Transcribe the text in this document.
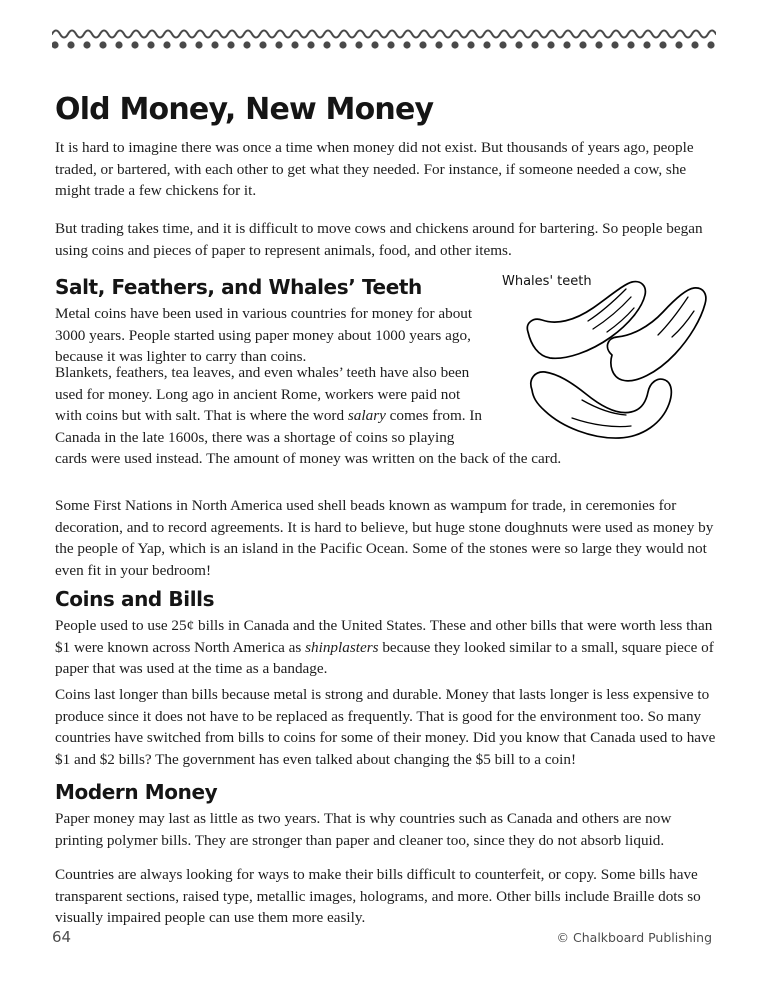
Old Money, New Money

It is hard to imagine there was once a time when money did not exist. But thousands of years ago, people traded, or bartered, with each other to get what they needed. For instance, if someone needed a cow, she might trade a few chickens for it.

But trading takes time, and it is difficult to move cows and chickens around for bartering. So people began using coins and pieces of paper to represent animals, food, and other items.

Salt, Feathers, and Whales’ Teeth

Metal coins have been used in various countries for money for about 3000 years. People started using paper money about 1000 years ago, because it was lighter to carry than coins.

Blankets, feathers, tea leaves, and even whales’ teeth have also been used for money. Long ago in ancient Rome, workers were paid not with coins but with salt. That is where the word salary comes from. In Canada in the late 1600s, there was a shortage of coins so playing
cards were used instead. The amount of money was written on the back of the card.

Some First Nations in North America used shell beads known as wampum for trade, in ceremonies for decoration, and to record agreements. It is hard to believe, but huge stone doughnuts were used as money by the people of Yap, which is an island in the Pacific Ocean. Some of the stones were so large they would not even fit in your bedroom!

Whales' teeth
Coins and Bills

People used to use 25¢ bills in Canada and the United States. These and other bills that were worth less than $1 were known across North America as shinplasters because they looked similar to a small, square piece of paper that was used at the time as a bandage.

Coins last longer than bills because metal is strong and durable. Money that lasts longer is less expensive to produce since it does not have to be replaced as frequently. That is good for the environment too. So many countries have switched from bills to coins for some of their money. Did you know that Canada used to have $1 and $2 bills? The government has even talked about changing the $5 bill to a coin!

Modern Money

Paper money may last as little as two years. That is why countries such as Canada and others are now printing polymer bills. They are stronger than paper and cleaner too, since they do not absorb liquid.

Countries are always looking for ways to make their bills difficult to counterfeit, or copy. Some bills have transparent sections, raised type, metallic images, holograms, and more. Other bills include Braille dots so visually impaired people can use them more easily.

64	© Chalkboard Publishing
